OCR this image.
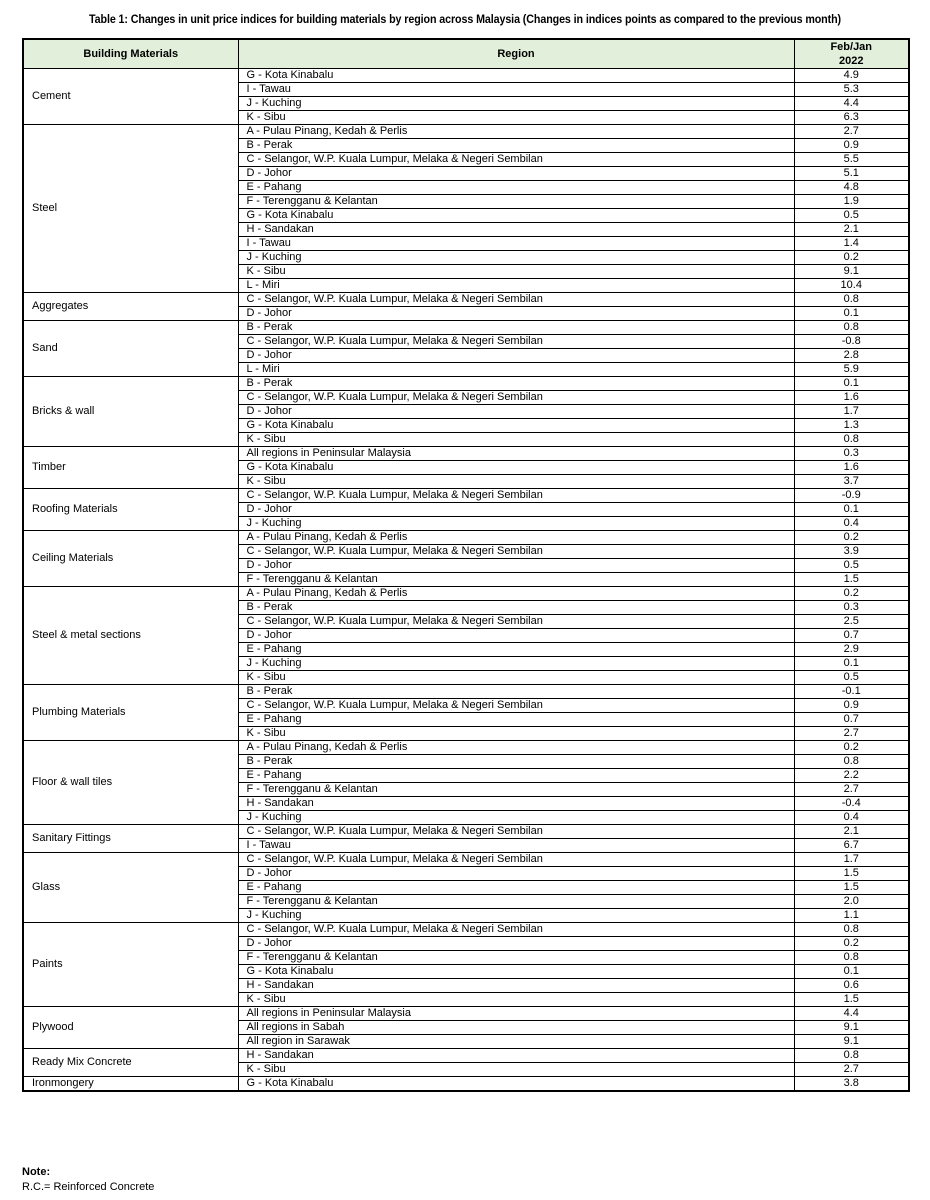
Table 1: Changes in unit price indices for building materials by region across Malaysia (Changes in indices points as compared to the previous month)
Building Materials	Region	Feb/Jan
2022

Cement	G - Kota Kinabalu	4.9
	I - Tawau	5.3
	J - Kuching	4.4
	K - Sibu	6.3
Steel	A - Pulau Pinang, Kedah & Perlis	2.7
	B - Perak	0.9
	C - Selangor, W.P. Kuala Lumpur, Melaka & Negeri Sembilan	5.5
	D - Johor	5.1
	E - Pahang	4.8
	F - Terengganu & Kelantan	1.9
	G - Kota Kinabalu	0.5
	H - Sandakan	2.1
	I - Tawau	1.4
	J - Kuching	0.2
	K - Sibu	9.1
	L - Miri	10.4
Aggregates	C - Selangor, W.P. Kuala Lumpur, Melaka & Negeri Sembilan	0.8
	D - Johor	0.1
Sand	B - Perak	0.8
	C - Selangor, W.P. Kuala Lumpur, Melaka & Negeri Sembilan	-0.8
	D - Johor	2.8
	L - Miri	5.9
Bricks & wall	B - Perak	0.1
	C - Selangor, W.P. Kuala Lumpur, Melaka & Negeri Sembilan	1.6
	D - Johor	1.7
	G - Kota Kinabalu	1.3
	K - Sibu	0.8
Timber	All regions in Peninsular Malaysia	0.3
	G - Kota Kinabalu	1.6
	K - Sibu	3.7
Roofing Materials	C - Selangor, W.P. Kuala Lumpur, Melaka & Negeri Sembilan	-0.9
	D - Johor	0.1
	J - Kuching	0.4
Ceiling Materials	A - Pulau Pinang, Kedah & Perlis	0.2
	C - Selangor, W.P. Kuala Lumpur, Melaka & Negeri Sembilan	3.9
	D - Johor	0.5
	F - Terengganu & Kelantan	1.5
Steel & metal sections	A - Pulau Pinang, Kedah & Perlis	0.2
	B - Perak	0.3
	C - Selangor, W.P. Kuala Lumpur, Melaka & Negeri Sembilan	2.5
	D - Johor	0.7
	E - Pahang	2.9
	J - Kuching	0.1
	K - Sibu	0.5
Plumbing Materials	B - Perak	-0.1
	C - Selangor, W.P. Kuala Lumpur, Melaka & Negeri Sembilan	0.9
	E - Pahang	0.7
	K - Sibu	2.7
Floor & wall tiles	A - Pulau Pinang, Kedah & Perlis	0.2
	B - Perak	0.8
	E - Pahang	2.2
	F - Terengganu & Kelantan	2.7
	H - Sandakan	-0.4
	J - Kuching	0.4
Sanitary Fittings	C - Selangor, W.P. Kuala Lumpur, Melaka & Negeri Sembilan	2.1
	I - Tawau	6.7
Glass	C - Selangor, W.P. Kuala Lumpur, Melaka & Negeri Sembilan	1.7
	D - Johor	1.5
	E - Pahang	1.5
	F - Terengganu & Kelantan	2.0
	J - Kuching	1.1
Paints	C - Selangor, W.P. Kuala Lumpur, Melaka & Negeri Sembilan	0.8
	D - Johor	0.2
	F - Terengganu & Kelantan	0.8
	G - Kota Kinabalu	0.1
	H - Sandakan	0.6
	K - Sibu	1.5
Plywood	All regions in Peninsular Malaysia	4.4
	All regions in Sabah	9.1
	All region in Sarawak	9.1
Ready Mix Concrete	H - Sandakan	0.8
	K - Sibu	2.7
Ironmongery	G - Kota Kinabalu	3.8
Note:
R.C.= Reinforced Concrete
